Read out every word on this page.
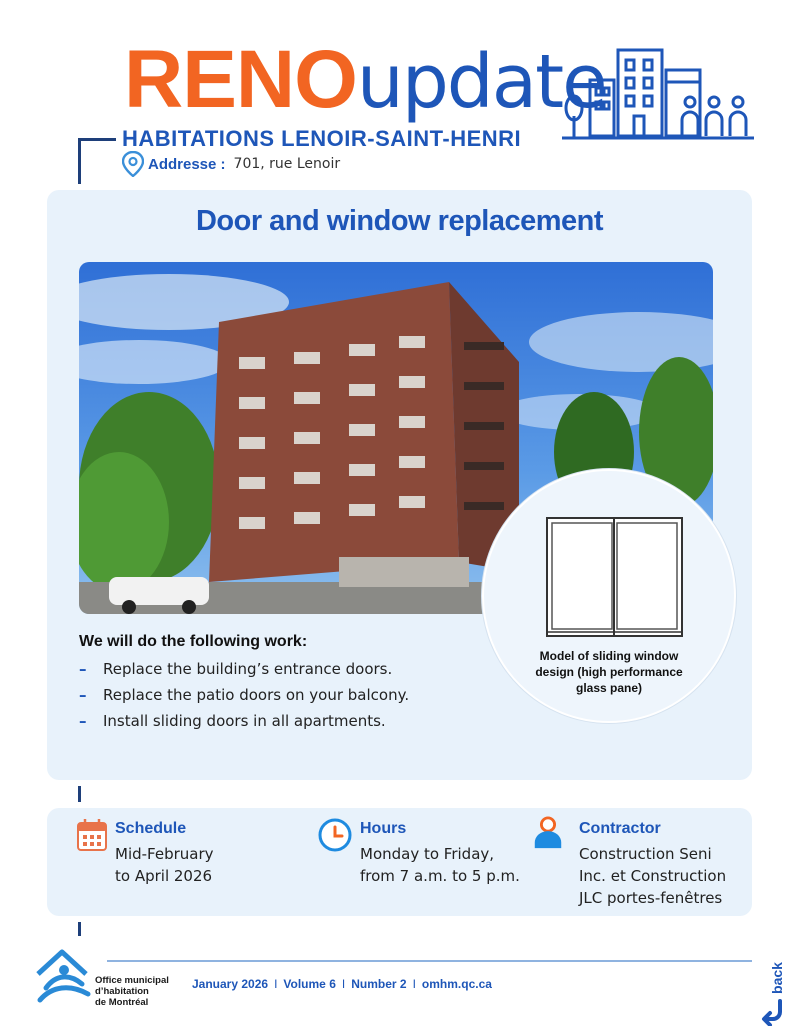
RENOupdate
HABITATIONS LENOIR-SAINT-HENRI
Addresse : 701, rue Lenoir
Door and window replacement
Model of sliding window design (high performance glass pane)
We will do the following work:
– Replace the building’s entrance doors.
– Replace the patio doors on your balcony.
– Install sliding doors in all apartments.
Schedule
Mid-February
to April 2026
Hours
Monday to Friday,
from 7 a.m. to 5 p.m.
Contractor
Construction Seni
Inc. et Construction
JLC portes-fenêtres
Office municipal
d’habitation
de Montréal
January 2026 I Volume 6 I Number 2 I omhm.qc.ca	back
